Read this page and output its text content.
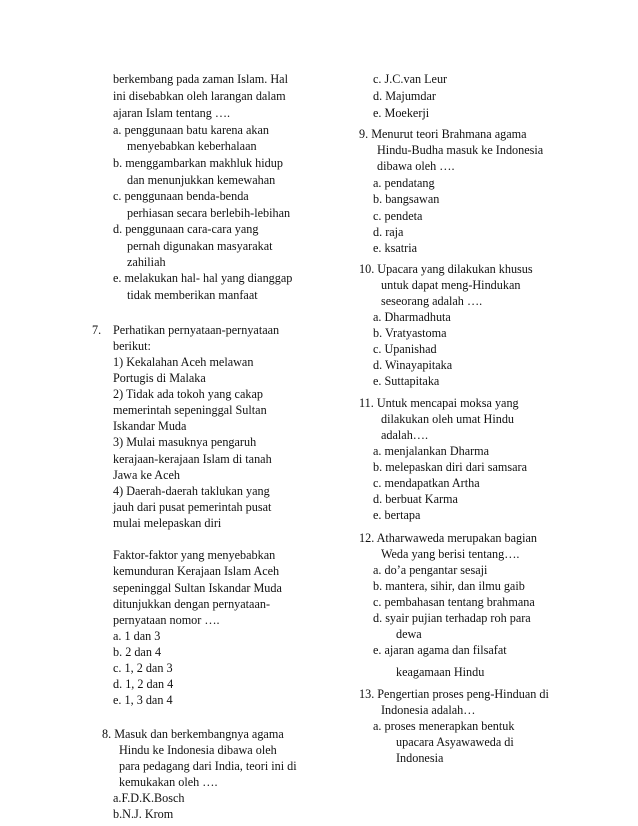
berkembang pada zaman Islam. Hal
ini disebabkan oleh larangan dalam
ajaran Islam tentang ….
a. penggunaan batu karena akan
menyebabkan keberhalaan
b. menggambarkan makhluk hidup
dan menunjukkan kemewahan
c. penggunaan benda-benda
perhiasan secara berlebih-lebihan
d. penggunaan cara-cara yang
pernah digunakan masyarakat
zahiliah
e. melakukan hal- hal yang dianggap
tidak memberikan manfaat
7. Perhatikan pernyataan-pernyataan
berikut:
1) Kekalahan Aceh melawan
Portugis di Malaka
2) Tidak ada tokoh yang cakap
memerintah sepeninggal Sultan
Iskandar Muda
3) Mulai masuknya pengaruh
kerajaan-kerajaan Islam di tanah
Jawa ke Aceh
4) Daerah-daerah taklukan yang
jauh dari pusat pemerintah pusat
mulai melepaskan diri
Faktor-faktor yang menyebabkan
kemunduran Kerajaan Islam Aceh
sepeninggal Sultan Iskandar Muda
ditunjukkan dengan pernyataan-
pernyataan nomor ….
a. 1 dan 3
b. 2 dan 4
c. 1, 2 dan 3
d. 1, 2 dan 4
e. 1, 3 dan 4
8. Masuk dan berkembangnya agama
Hindu ke Indonesia dibawa oleh
para pedagang dari India, teori ini di
kemukakan oleh ….
a.F.D.K.Bosch
b.N.J. Krom
c. J.C.van Leur
d. Majumdar
e. Moekerji
9. Menurut teori Brahmana agama
Hindu-Budha masuk ke Indonesia
dibawa oleh ….
a. pendatang
b. bangsawan
c. pendeta
d. raja
e. ksatria
10. Upacara yang dilakukan khusus
untuk dapat meng-Hindukan
seseorang adalah ….
a. Dharmadhuta
b. Vratyastoma
c. Upanishad
d. Winayapitaka
e. Suttapitaka
11. Untuk mencapai moksa yang
dilakukan oleh umat Hindu
adalah….
a. menjalankan Dharma
b. melepaskan diri dari samsara
c. mendapatkan Artha
d. berbuat Karma
e. bertapa
12. Atharwaweda merupakan bagian
Weda yang berisi tentang….
a. do’a pengantar sesaji
b. mantera, sihir, dan ilmu gaib
c. pembahasan tentang brahmana
d. syair pujian terhadap roh para
dewa
e. ajaran agama dan filsafat
keagamaan Hindu
13. Pengertian proses peng-Hinduan di
Indonesia adalah…
a. proses menerapkan bentuk
upacara Asyawaweda di
Indonesia
